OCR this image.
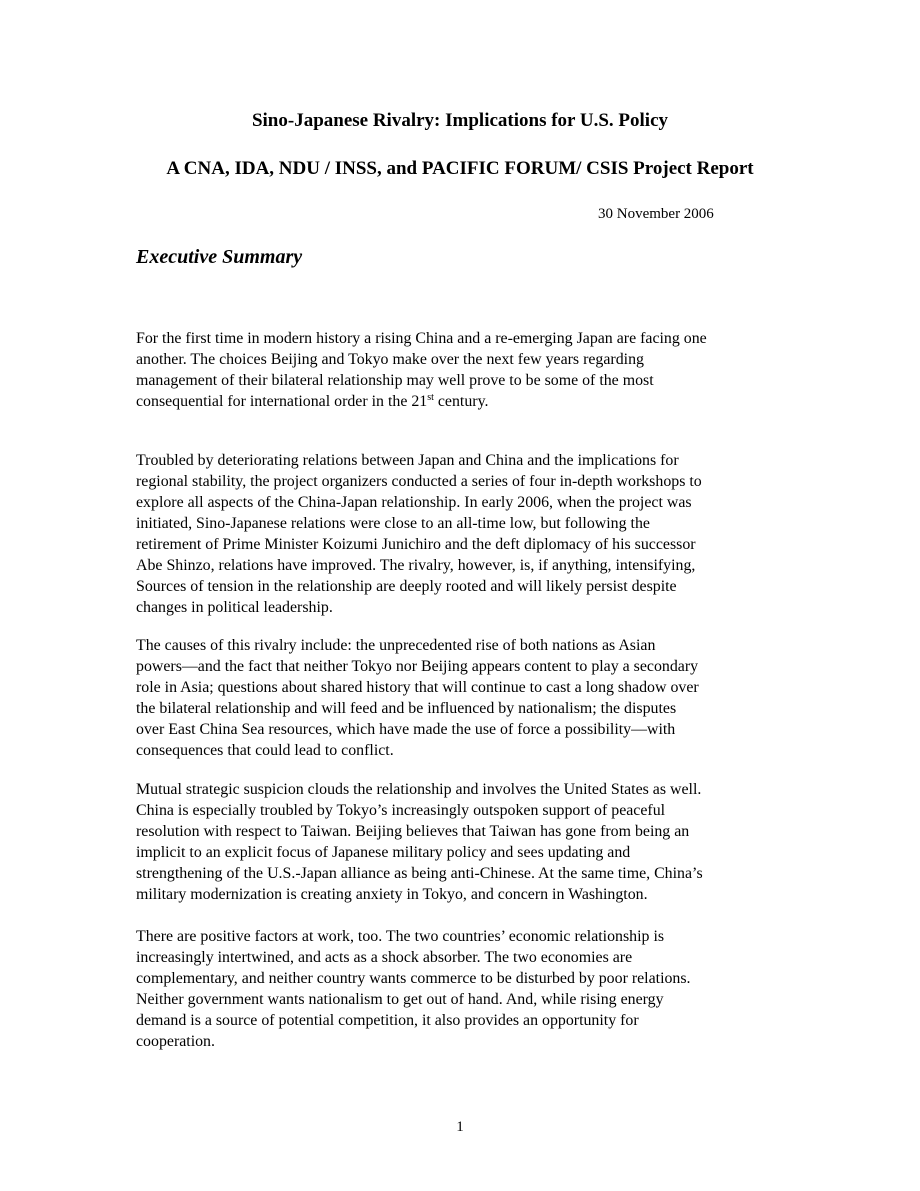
Sino-Japanese Rivalry: Implications for U.S. Policy
A CNA, IDA, NDU / INSS, and PACIFIC FORUM/ CSIS Project Report

30 November 2006

Executive Summary

For the first time in modern history a rising China and a re-emerging Japan are facing one
another. The choices Beijing and Tokyo make over the next few years regarding
management of their bilateral relationship may well prove to be some of the most
consequential for international order in the 21st century.

Troubled by deteriorating relations between Japan and China and the implications for
regional stability, the project organizers conducted a series of four in-depth workshops to
explore all aspects of the China-Japan relationship. In early 2006, when the project was
initiated, Sino-Japanese relations were close to an all-time low, but following the
retirement of Prime Minister Koizumi Junichiro and the deft diplomacy of his successor
Abe Shinzo, relations have improved. The rivalry, however, is, if anything, intensifying,
Sources of tension in the relationship are deeply rooted and will likely persist despite
changes in political leadership.

The causes of this rivalry include: the unprecedented rise of both nations as Asian
powers—and the fact that neither Tokyo nor Beijing appears content to play a secondary
role in Asia; questions about shared history that will continue to cast a long shadow over
the bilateral relationship and will feed and be influenced by nationalism; the disputes
over East China Sea resources, which have made the use of force a possibility—with
consequences that could lead to conflict.

Mutual strategic suspicion clouds the relationship and involves the United States as well.
China is especially troubled by Tokyo’s increasingly outspoken support of peaceful
resolution with respect to Taiwan. Beijing believes that Taiwan has gone from being an
implicit to an explicit focus of Japanese military policy and sees updating and
strengthening of the U.S.-Japan alliance as being anti-Chinese. At the same time, China’s
military modernization is creating anxiety in Tokyo, and concern in Washington.

There are positive factors at work, too. The two countries’ economic relationship is
increasingly intertwined, and acts as a shock absorber. The two economies are
complementary, and neither country wants commerce to be disturbed by poor relations.
Neither government wants nationalism to get out of hand. And, while rising energy
demand is a source of potential competition, it also provides an opportunity for
cooperation.

1
